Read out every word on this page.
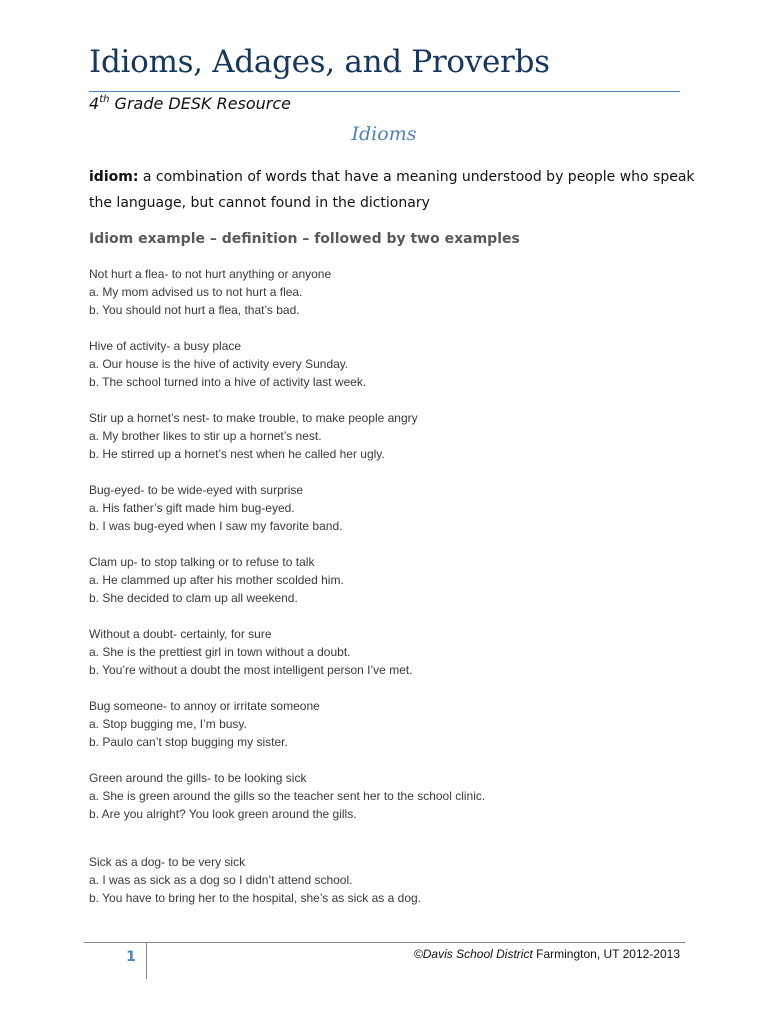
Idioms, Adages, and Proverbs
4th Grade DESK Resource
Idioms

idiom: a combination of words that have a meaning understood by people who speak the language, but cannot found in the dictionary

Idiom example – definition – followed by two examples
Not hurt a flea- to not hurt anything or anyone
a. My mom advised us to not hurt a flea.
b. You should not hurt a flea, that’s bad.
Hive of activity- a busy place
a. Our house is the hive of activity every Sunday.
b. The school turned into a hive of activity last week.
Stir up a hornet’s nest- to make trouble, to make people angry
a. My brother likes to stir up a hornet’s nest.
b. He stirred up a hornet’s nest when he called her ugly.
Bug-eyed- to be wide-eyed with surprise
a. His father’s gift made him bug-eyed.
b. I was bug-eyed when I saw my favorite band.
Clam up- to stop talking or to refuse to talk
a. He clammed up after his mother scolded him.
b. She decided to clam up all weekend.
Without a doubt- certainly, for sure
a. She is the prettiest girl in town without a doubt.
b. You’re without a doubt the most intelligent person I’ve met.
Bug someone- to annoy or irritate someone
a. Stop bugging me, I’m busy.
b. Paulo can’t stop bugging my sister.
Green around the gills- to be looking sick
a. She is green around the gills so the teacher sent her to the school clinic.
b. Are you alright? You look green around the gills.
Sick as a dog- to be very sick
a. I was as sick as a dog so I didn’t attend school.
b. You have to bring her to the hospital, she’s as sick as a dog.
1	©Davis School District Farmington, UT 2012-2013
